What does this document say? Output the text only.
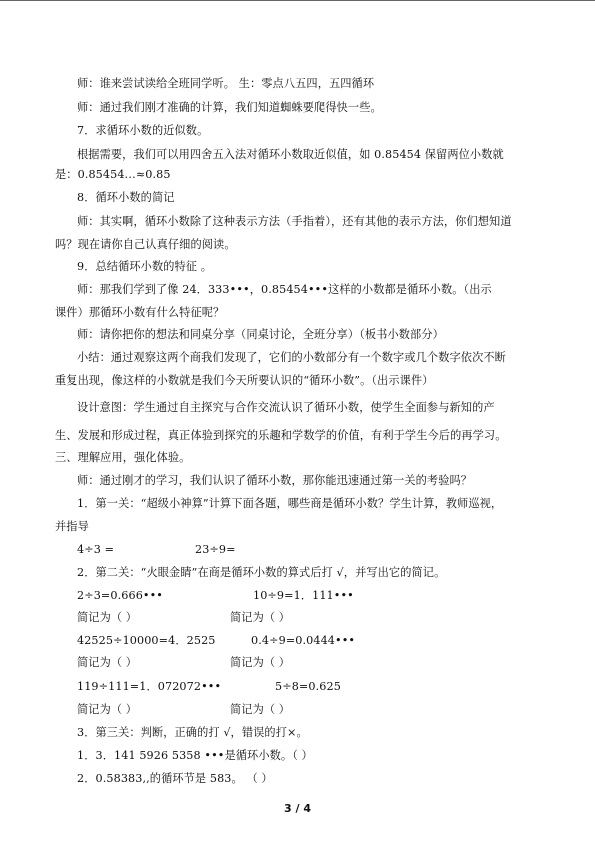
师：谁来尝试读给全班同学听。 生：零点八五四，五四循环
师：通过我们刚才准确的计算，我们知道蜘蛛要爬得快一些。
7．求循环小数的近似数。
根据需要，我们可以用四舍五入法对循环小数取近似值，如 0.85454 保留两位小数就
是：0.85454…≈0.85
8．循环小数的简记
师：其实啊，循环小数除了这种表示方法（手指着），还有其他的表示方法，你们想知道
吗？现在请你自己认真仔细的阅读。
9．总结循环小数的特征 。
师：那我们学到了像 24．333•••，0.85454•••这样的小数都是循环小数。（出示
课件）那循环小数有什么特征呢？
师：请你把你的想法和同桌分享（同桌讨论，全班分享）（板书小数部分）
小结：通过观察这两个商我们发现了，它们的小数部分有一个数字或几个数字依次不断
重复出现，像这样的小数就是我们今天所要认识的“循环小数”。（出示课件）
设计意图：学生通过自主探究与合作交流认识了循环小数，使学生全面参与新知的产
生、发展和形成过程，真正体验到探究的乐趣和学数学的价值，有利于学生今后的再学习。
三、理解应用，强化体验。
师：通过刚才的学习，我们认识了循环小数，那你能迅速通过第一关的考验吗？
1．第一关：“超级小神算”计算下面各题，哪些商是循环小数？学生计算，教师巡视，
并指导
4÷3 =	23÷9=
2．第二关：“火眼金睛”在商是循环小数的算式后打 √，并写出它的简记。
2÷3=0.666•••	10÷9=1．111•••
简记为（ ）	简记为（ ）
42525÷10000=4．2525	0.4÷9=0.0444•••
简记为（ ）	简记为（ ）
119÷111=1．072072•••	5÷8=0.625
简记为（ ）	简记为（ ）
3．第三关：判断，正确的打 √，错误的打×。
1．3．141 5926 5358 •••是循环小数。（ ）
2．0.58383,,的循环节是 583。 （ ）
3 / 4
